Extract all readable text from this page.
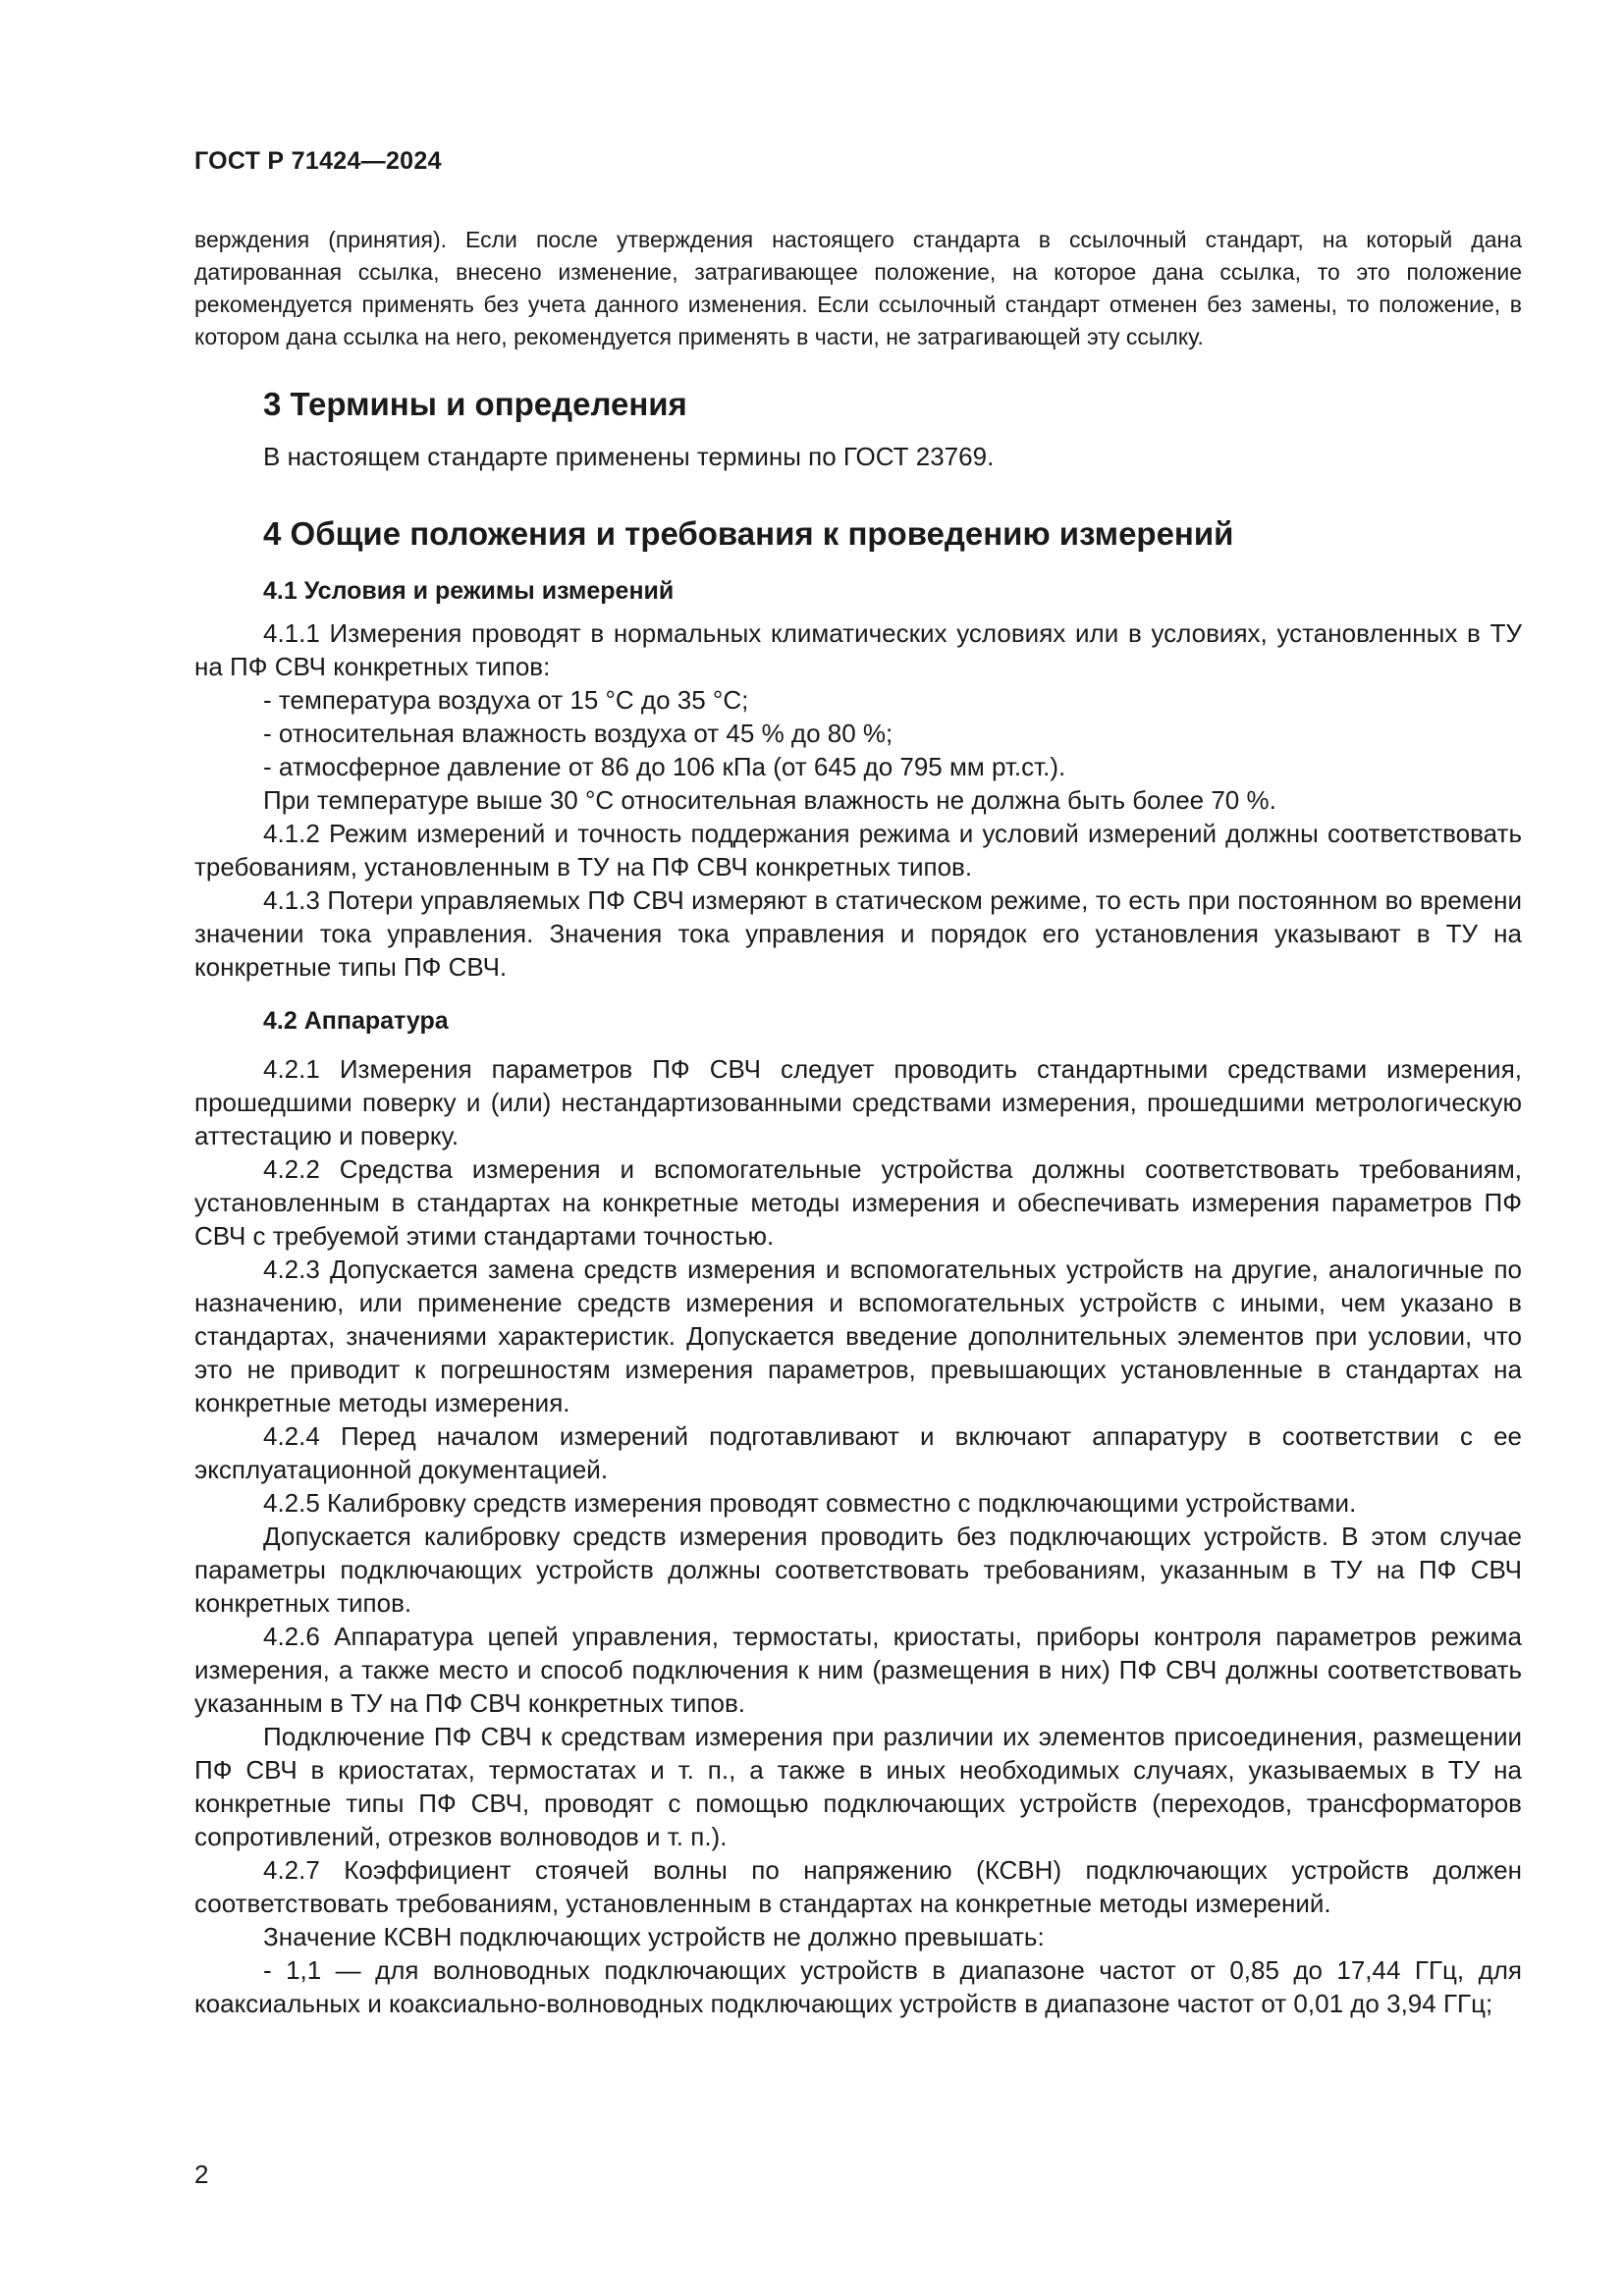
ГОСТ Р 71424—2024
верждения (принятия). Если после утверждения настоящего стандарта в ссылочный стандарт, на который дана датированная ссылка, внесено изменение, затрагивающее положение, на которое дана ссылка, то это положение рекомендуется применять без учета данного изменения. Если ссылочный стандарт отменен без замены, то положение, в котором дана ссылка на него, рекомендуется применять в части, не затрагивающей эту ссылку.
3 Термины и определения

В настоящем стандарте применены термины по ГОСТ 23769.

4 Общие положения и требования к проведению измерений
4.1 Условия и режимы измерений

4.1.1 Измерения проводят в нормальных климатических условиях или в условиях, установленных в ТУ на ПФ СВЧ конкретных типов:

- температура воздуха от 15 °С до 35 °С;

- относительная влажность воздуха от 45 % до 80 %;

- атмосферное давление от 86 до 106 кПа (от 645 до 795 мм рт.ст.).

При температуре выше 30 °С относительная влажность не должна быть более 70 %.

4.1.2 Режим измерений и точность поддержания режима и условий измерений должны соответствовать требованиям, установленным в ТУ на ПФ СВЧ конкретных типов.

4.1.3 Потери управляемых ПФ СВЧ измеряют в статическом режиме, то есть при постоянном во времени значении тока управления. Значения тока управления и порядок его установления указывают в ТУ на конкретные типы ПФ СВЧ.

4.2 Аппаратура

4.2.1 Измерения параметров ПФ СВЧ следует проводить стандартными средствами измерения, прошедшими поверку и (или) нестандартизованными средствами измерения, прошедшими метрологическую аттестацию и поверку.

4.2.2 Средства измерения и вспомогательные устройства должны соответствовать требованиям, установленным в стандартах на конкретные методы измерения и обеспечивать измерения параметров ПФ СВЧ с требуемой этими стандартами точностью.

4.2.3 Допускается замена средств измерения и вспомогательных устройств на другие, аналогичные по назначению, или применение средств измерения и вспомогательных устройств с иными, чем указано в стандартах, значениями характеристик. Допускается введение дополнительных элементов при условии, что это не приводит к погрешностям измерения параметров, превышающих установленные в стандартах на конкретные методы измерения.

4.2.4 Перед началом измерений подготавливают и включают аппаратуру в соответствии с ее эксплуатационной документацией.

4.2.5 Калибровку средств измерения проводят совместно с подключающими устройствами.

Допускается калибровку средств измерения проводить без подключающих устройств. В этом случае параметры подключающих устройств должны соответствовать требованиям, указанным в ТУ на ПФ СВЧ конкретных типов.

4.2.6 Аппаратура цепей управления, термостаты, криостаты, приборы контроля параметров режима измерения, а также место и способ подключения к ним (размещения в них) ПФ СВЧ должны соответствовать указанным в ТУ на ПФ СВЧ конкретных типов.

Подключение ПФ СВЧ к средствам измерения при различии их элементов присоединения, размещении ПФ СВЧ в криостатах, термостатах и т. п., а также в иных необходимых случаях, указываемых в ТУ на конкретные типы ПФ СВЧ, проводят с помощью подключающих устройств (переходов, трансформаторов сопротивлений, отрезков волноводов и т. п.).

4.2.7 Коэффициент стоячей волны по напряжению (КСВН) подключающих устройств должен соответствовать требованиям, установленным в стандартах на конкретные методы измерений.

Значение КСВН подключающих устройств не должно превышать:

- 1,1 — для волноводных подключающих устройств в диапазоне частот от 0,85 до 17,44 ГГц, для коаксиальных и коаксиально-волноводных подключающих устройств в диапазоне частот от 0,01 до 3,94 ГГц;

2
